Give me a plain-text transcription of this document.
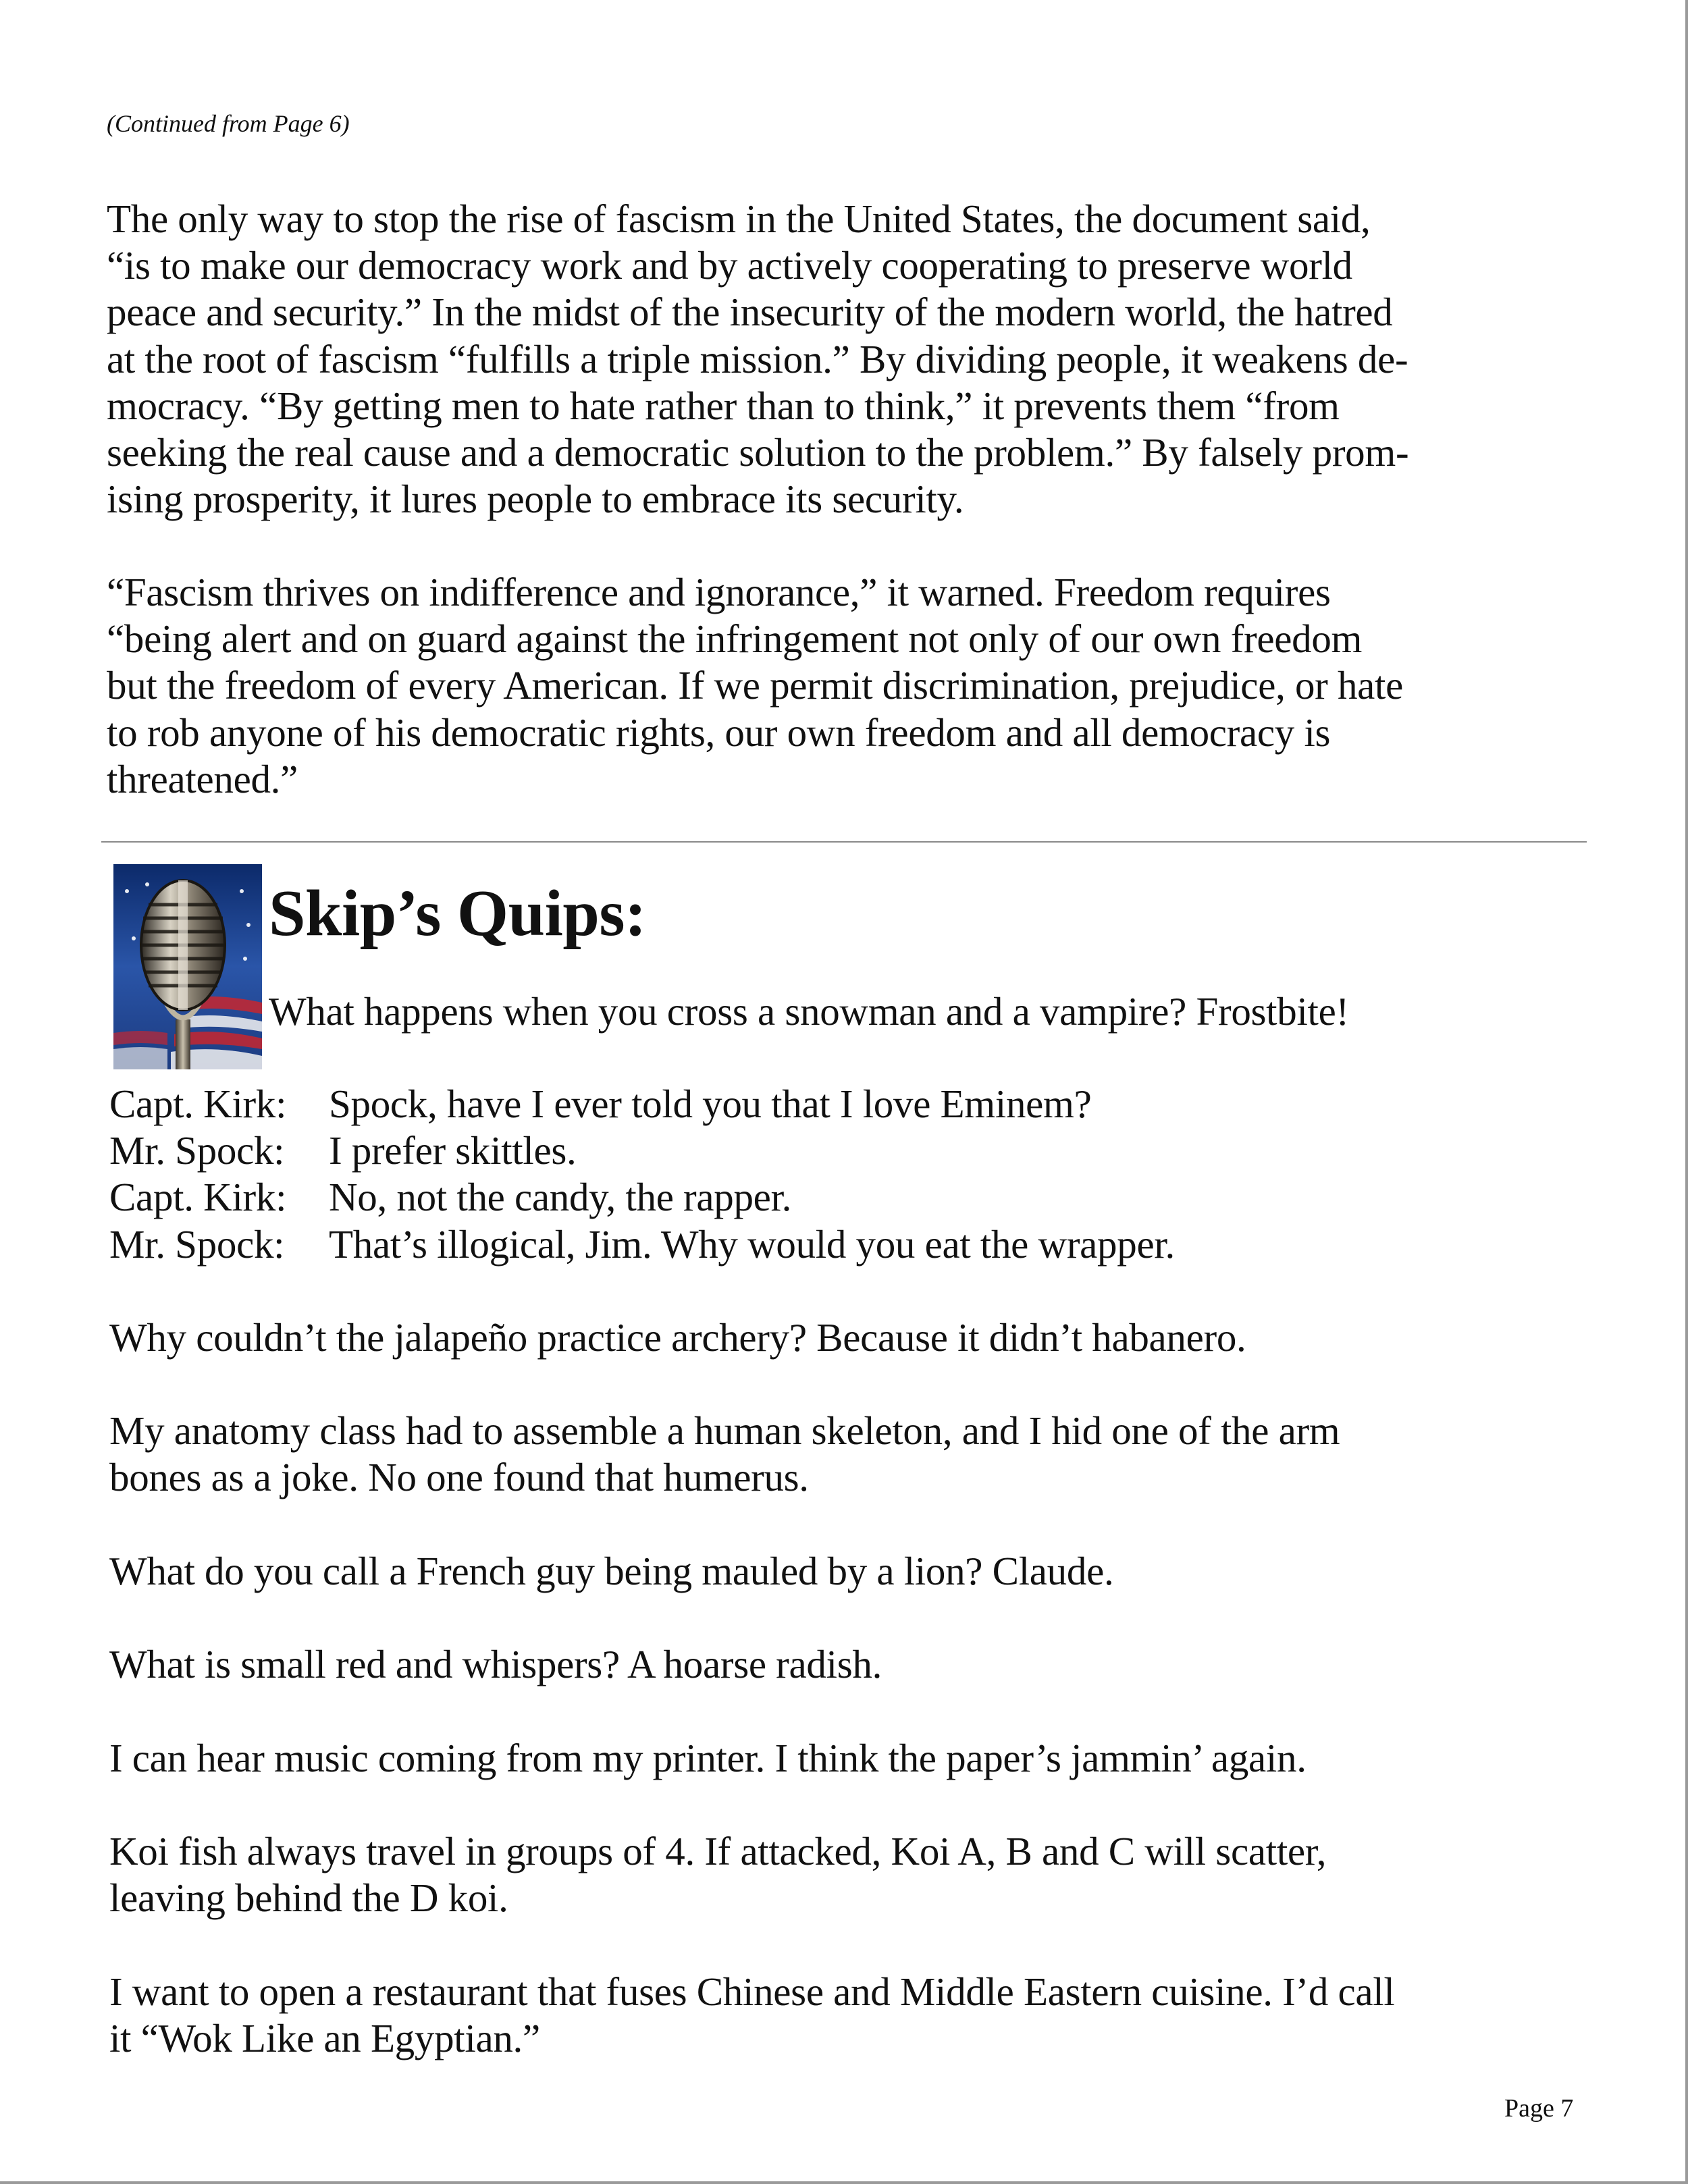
(Continued from Page 6)

The only way to stop the rise of fascism in the United States, the document said,
“is to make our democracy work and by actively cooperating to preserve world
peace and security.” In the midst of the insecurity of the modern world, the hatred
at the root of fascism “fulfills a triple mission.” By dividing people, it weakens de-
mocracy. “By getting men to hate rather than to think,” it prevents them “from
seeking the real cause and a democratic solution to the problem.” By falsely prom-
ising prosperity, it lures people to embrace its security.

“Fascism thrives on indifference and ignorance,” it warned. Freedom requires
“being alert and on guard against the infringement not only of our own freedom
but the freedom of every American. If we permit discrimination, prejudice, or hate
to rob anyone of his democratic rights, our own freedom and all democracy is
threatened.”

Skip’s Quips:
What happens when you cross a snowman and a vampire? Frostbite!
Capt. Kirk:	Spock, have I ever told you that I love Eminem?
Mr. Spock:	I prefer skittles.
Capt. Kirk:	No, not the candy, the rapper.
Mr. Spock:	That’s illogical, Jim. Why would you eat the wrapper.

Why couldn’t the jalapeño practice archery? Because it didn’t habanero.

My anatomy class had to assemble a human skeleton, and I hid one of the arm
bones as a joke. No one found that humerus.

What do you call a French guy being mauled by a lion? Claude.

What is small red and whispers? A hoarse radish.

I can hear music coming from my printer. I think the paper’s jammin’ again.

Koi fish always travel in groups of 4. If attacked, Koi A, B and C will scatter,
leaving behind the D koi.

I want to open a restaurant that fuses Chinese and Middle Eastern cuisine. I’d call
it “Wok Like an Egyptian.”

Page 7
